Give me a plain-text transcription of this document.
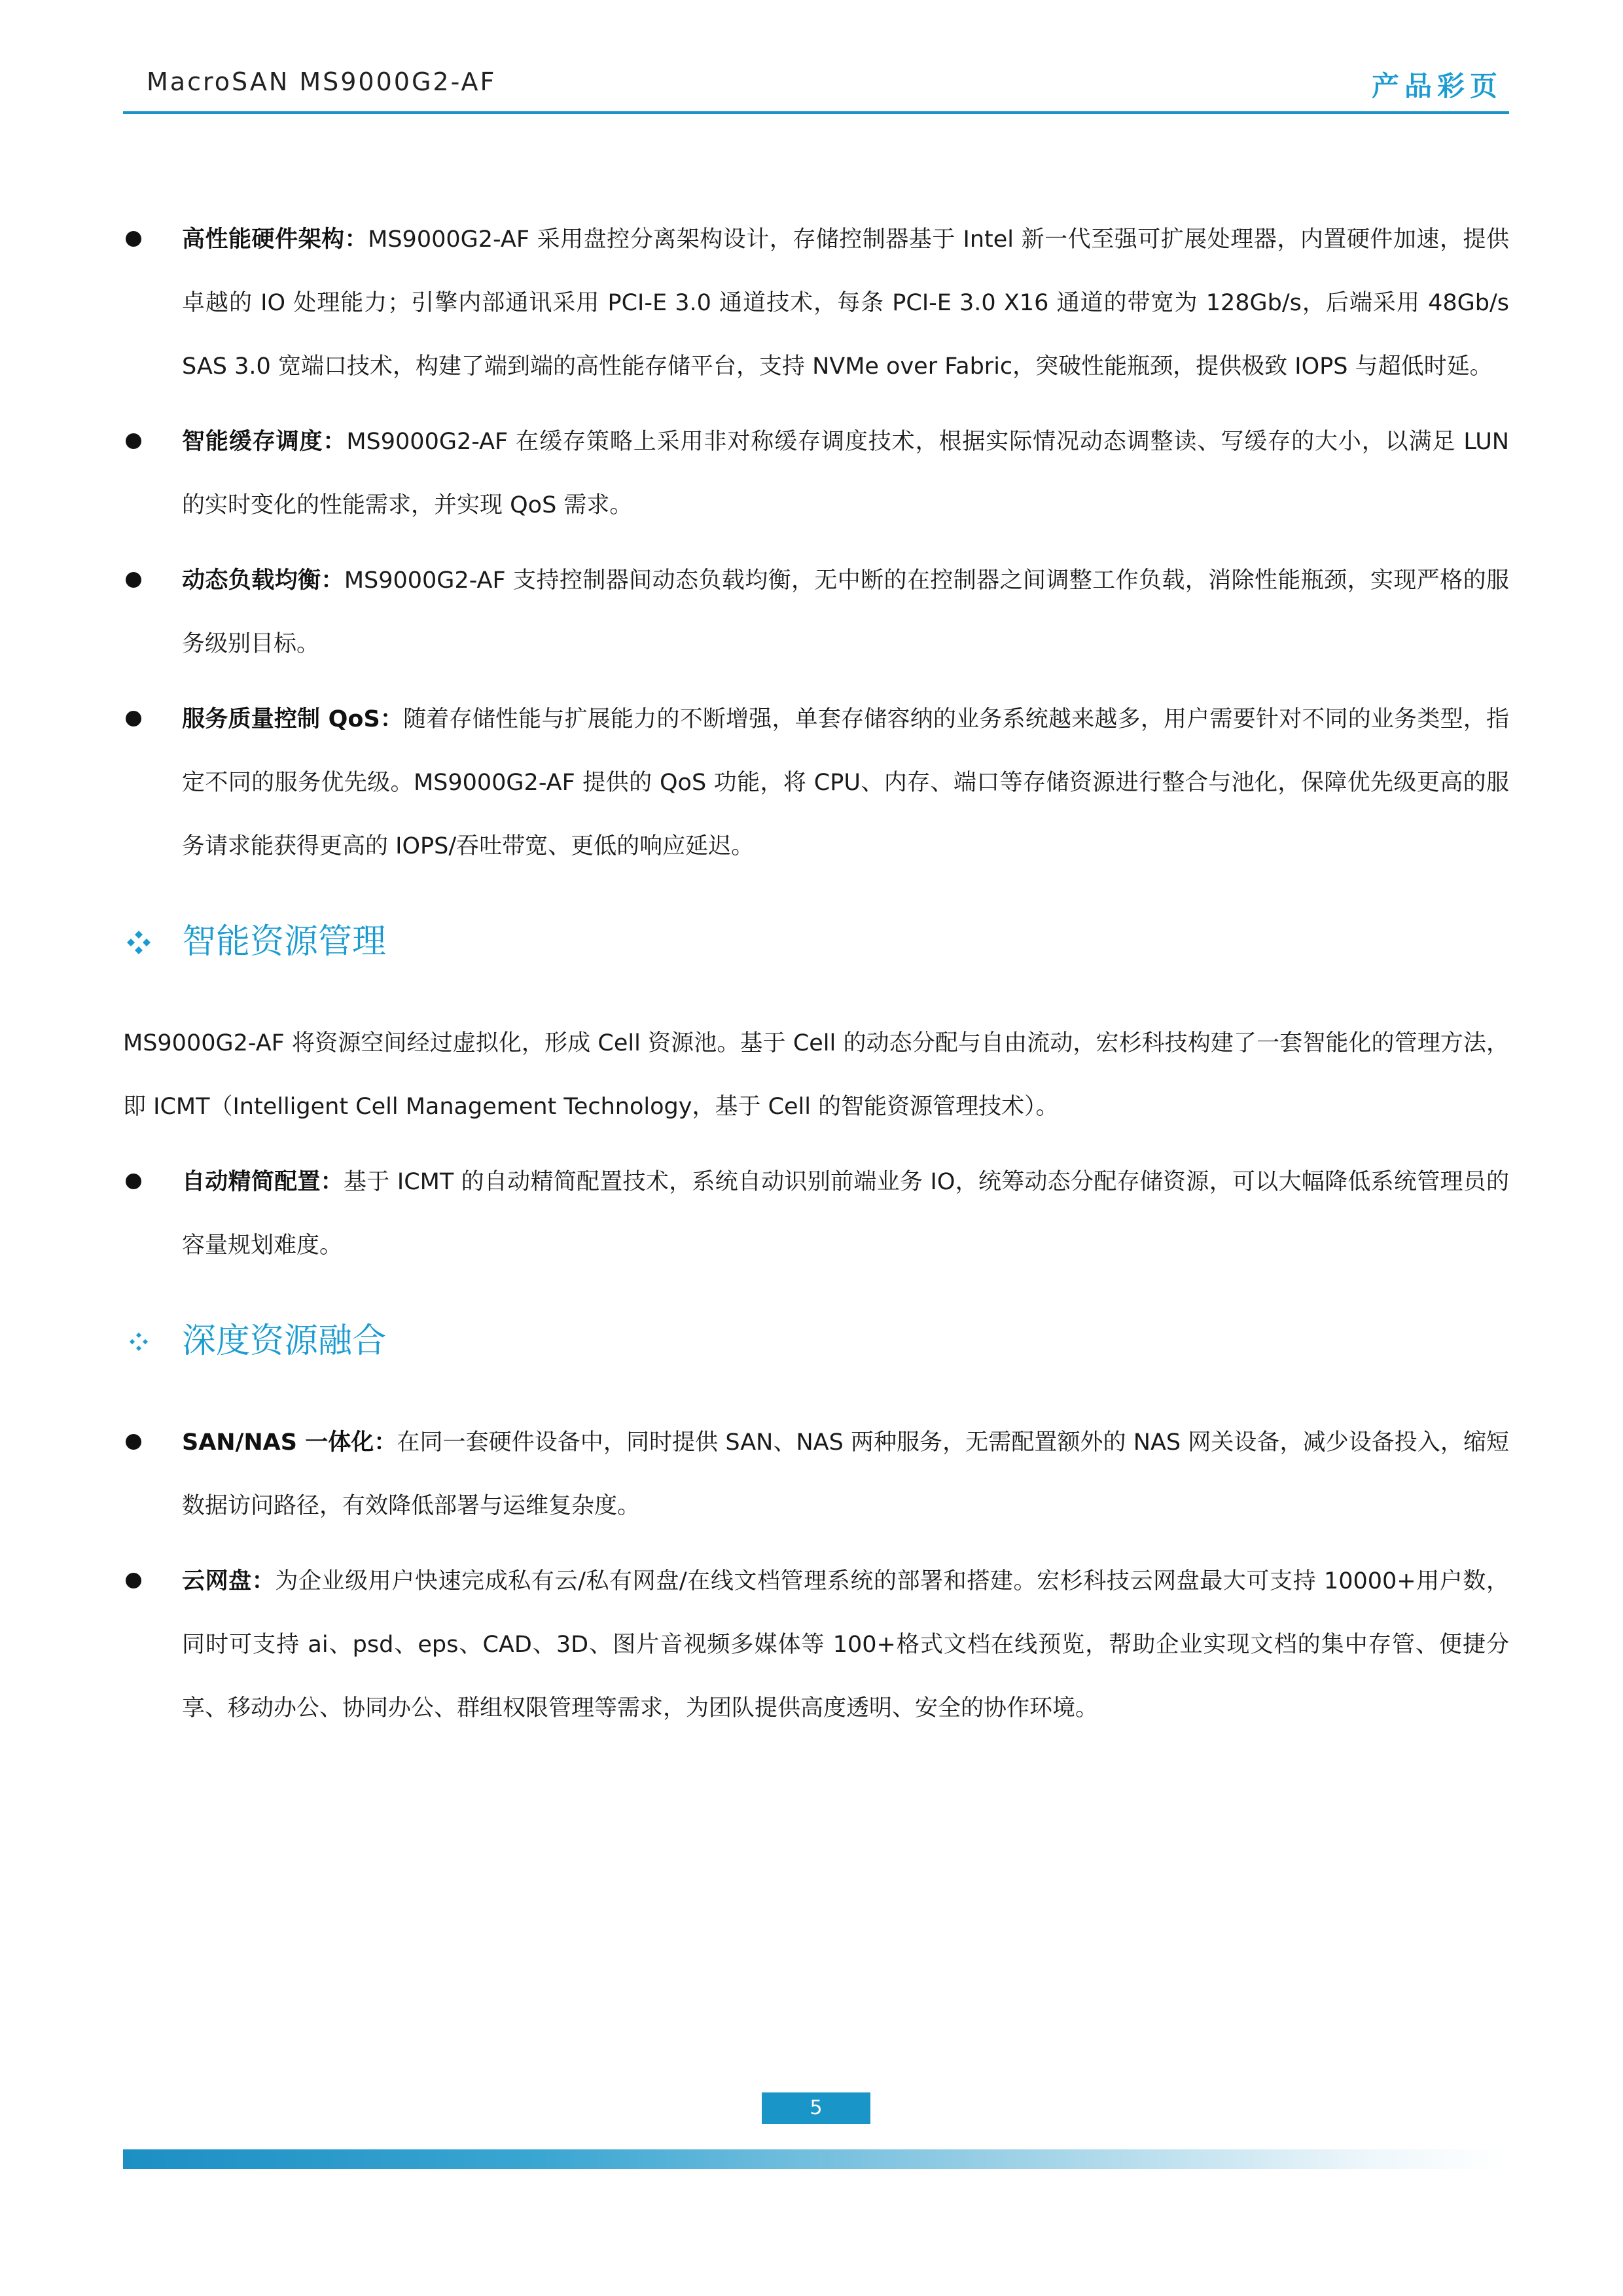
MacroSAN MS9000G2-AF	产品彩页
高性能硬件架构：MS9000G2-AF 采用盘控分离架构设计，存储控制器基于 Intel 新一代至强可扩展处理器，内置硬件加速，提供卓越的 IO 处理能力；引擎内部通讯采用 PCI-E 3.0 通道技术，每条 PCI-E 3.0 X16 通道的带宽为 128Gb/s，后端采用 48Gb/s SAS 3.0 宽端口技术，构建了端到端的高性能存储平台，支持 NVMe over Fabric，突破性能瓶颈，提供极致 IOPS 与超低时延。
智能缓存调度：MS9000G2-AF 在缓存策略上采用非对称缓存调度技术，根据实际情况动态调整读、写缓存的大小，以满足 LUN 的实时变化的性能需求，并实现 QoS 需求。
动态负载均衡：MS9000G2-AF 支持控制器间动态负载均衡，无中断的在控制器之间调整工作负载，消除性能瓶颈，实现严格的服务级别目标。
服务质量控制 QoS：随着存储性能与扩展能力的不断增强，单套存储容纳的业务系统越来越多，用户需要针对不同的业务类型，指定不同的服务优先级。MS9000G2-AF 提供的 QoS 功能，将 CPU、内存、端口等存储资源进行整合与池化，保障优先级更高的服务请求能获得更高的 IOPS/吞吐带宽、更低的响应延迟。
智能资源管理
MS9000G2-AF 将资源空间经过虚拟化，形成 Cell 资源池。基于 Cell 的动态分配与自由流动，宏杉科技构建了一套智能化的管理方法，即 ICMT（Intelligent Cell Management Technology，基于 Cell 的智能资源管理技术）。
自动精简配置：基于 ICMT 的自动精简配置技术，系统自动识别前端业务 IO，统筹动态分配存储资源，可以大幅降低系统管理员的容量规划难度。
深度资源融合
SAN/NAS 一体化：在同一套硬件设备中，同时提供 SAN、NAS 两种服务，无需配置额外的 NAS 网关设备，减少设备投入，缩短数据访问路径，有效降低部署与运维复杂度。
云网盘：为企业级用户快速完成私有云/私有网盘/在线文档管理系统的部署和搭建。宏杉科技云网盘最大可支持 10000+用户数，同时可支持 ai、psd、eps、CAD、3D、图片音视频多媒体等 100+格式文档在线预览，帮助企业实现文档的集中存管、便捷分享、移动办公、协同办公、群组权限管理等需求，为团队提供高度透明、安全的协作环境。
5
